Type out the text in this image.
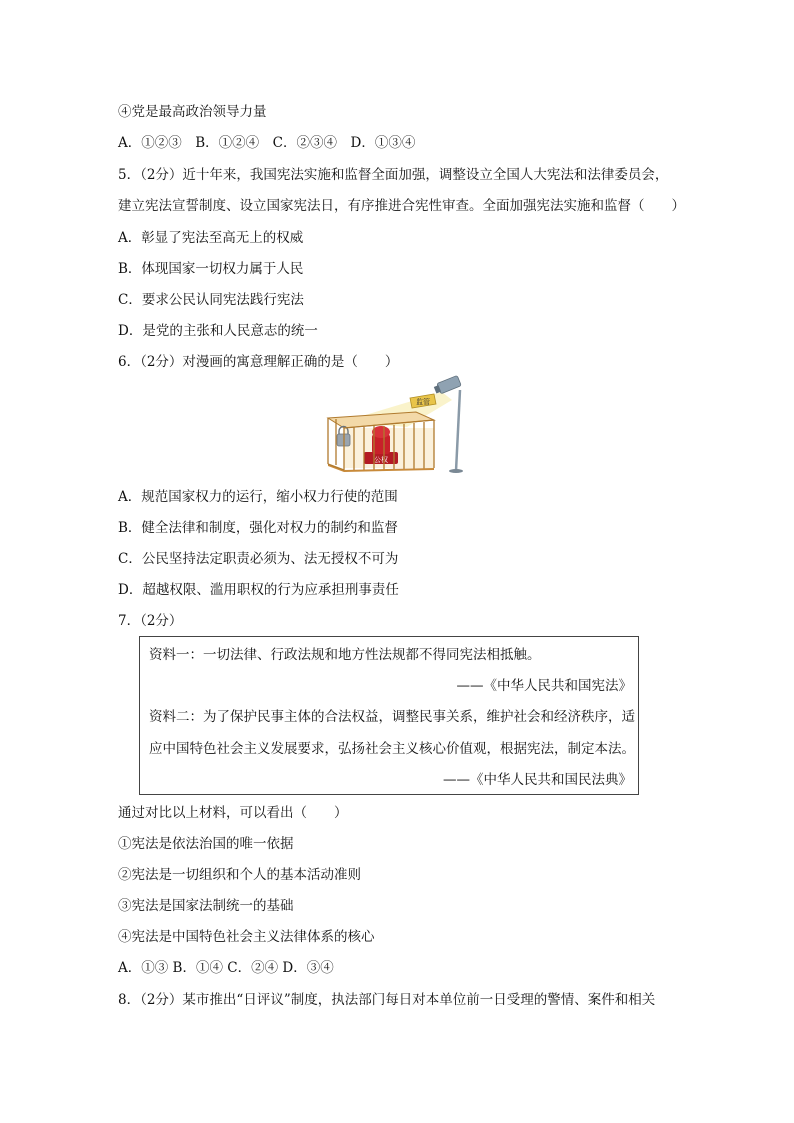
④党是最高政治领导力量
A．①②③　B．①②④　C．②③④　D．①③④
5．（2分）近十年来，我国宪法实施和监督全面加强，调整设立全国人大宪法和法律委员会，
建立宪法宣誓制度、设立国家宪法日，有序推进合宪性审查。全面加强宪法实施和监督（　　）
A．彰显了宪法至高无上的权威
B．体现国家一切权力属于人民
C．要求公民认同宪法践行宪法
D．是党的主张和人民意志的统一
6．（2分）对漫画的寓意理解正确的是（　　）
公权
监管
A．规范国家权力的运行，缩小权力行使的范围
B．健全法律和制度，强化对权力的制约和监督
C．公民坚持法定职责必须为、法无授权不可为
D．超越权限、滥用职权的行为应承担刑事责任
7．（2分）
资料一：一切法律、行政法规和地方性法规都不得同宪法相抵触。
——《中华人民共和国宪法》
资料二：为了保护民事主体的合法权益，调整民事关系，维护社会和经济秩序，适
应中国特色社会主义发展要求，弘扬社会主义核心价值观，根据宪法，制定本法。
——《中华人民共和国民法典》
通过对比以上材料，可以看出（　　）
①宪法是依法治国的唯一依据
②宪法是一切组织和个人的基本活动准则
③宪法是国家法制统一的基础
④宪法是中国特色社会主义法律体系的核心
A．①③ B．①④ C．②④ D．③④
8．（2分）某市推出“日评议”制度，执法部门每日对本单位前一日受理的警情、案件和相关
